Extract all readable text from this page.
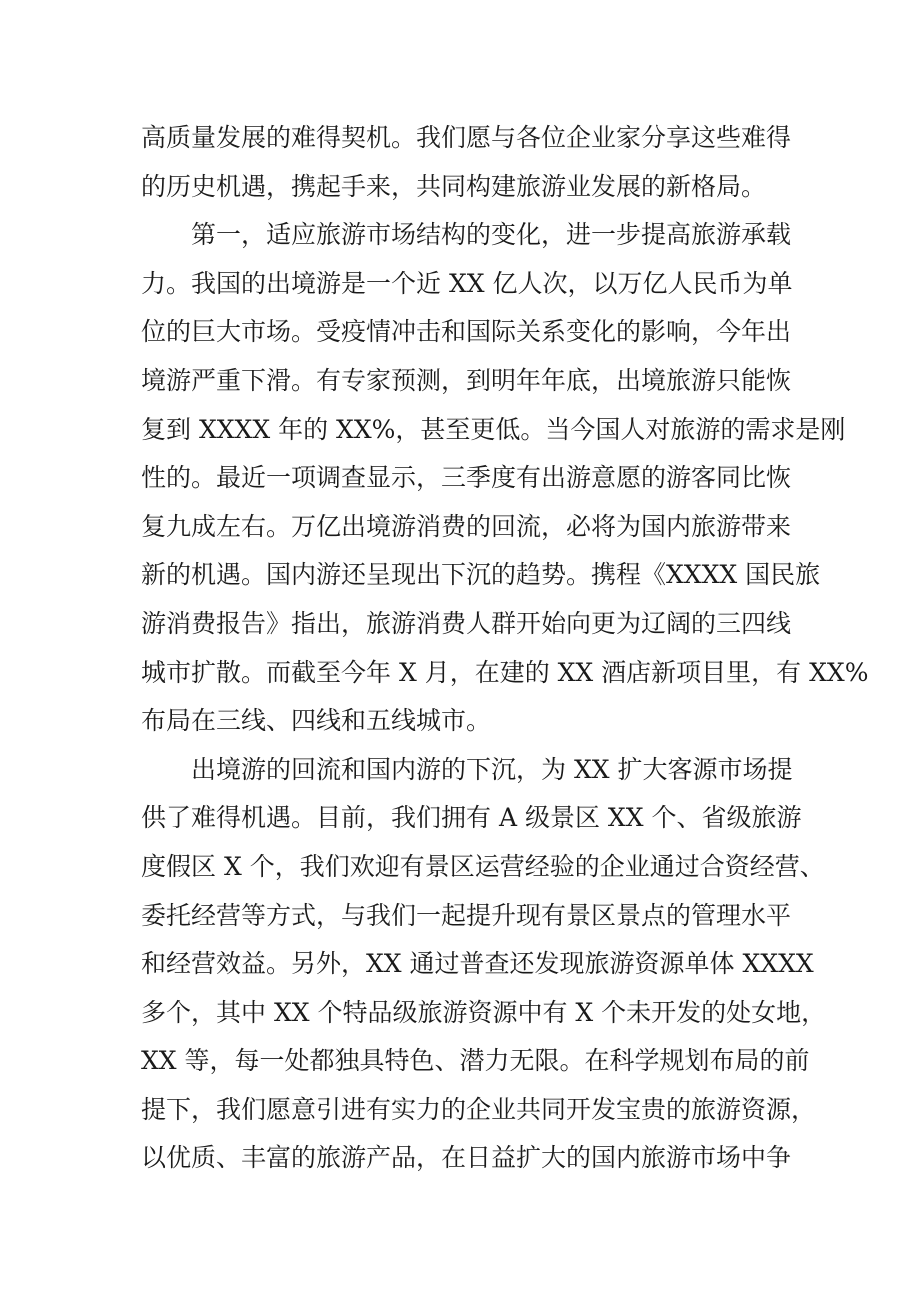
高质量发展的难得契机。我们愿与各位企业家分享这些难得
的历史机遇，携起手来，共同构建旅游业发展的新格局。
第一，适应旅游市场结构的变化，进一步提高旅游承载
力。我国的出境游是一个近 XX 亿人次，以万亿人民币为单
位的巨大市场。受疫情冲击和国际关系变化的影响，今年出
境游严重下滑。有专家预测，到明年年底，出境旅游只能恢
复到 XXXX 年的 XX%，甚至更低。当今国人对旅游的需求是刚
性的。最近一项调查显示，三季度有出游意愿的游客同比恢
复九成左右。万亿出境游消费的回流，必将为国内旅游带来
新的机遇。国内游还呈现出下沉的趋势。携程《XXXX 国民旅
游消费报告》指出，旅游消费人群开始向更为辽阔的三四线
城市扩散。而截至今年 X 月，在建的 XX 酒店新项目里，有 XX%
布局在三线、四线和五线城市。
出境游的回流和国内游的下沉，为 XX 扩大客源市场提
供了难得机遇。目前，我们拥有 A 级景区 XX 个、省级旅游
度假区 X 个，我们欢迎有景区运营经验的企业通过合资经营、
委托经营等方式，与我们一起提升现有景区景点的管理水平
和经营效益。另外，XX 通过普查还发现旅游资源单体 XXXX
多个，其中 XX 个特品级旅游资源中有 X 个未开发的处女地，
XX 等，每一处都独具特色、潜力无限。在科学规划布局的前
提下，我们愿意引进有实力的企业共同开发宝贵的旅游资源，
以优质、丰富的旅游产品，在日益扩大的国内旅游市场中争
